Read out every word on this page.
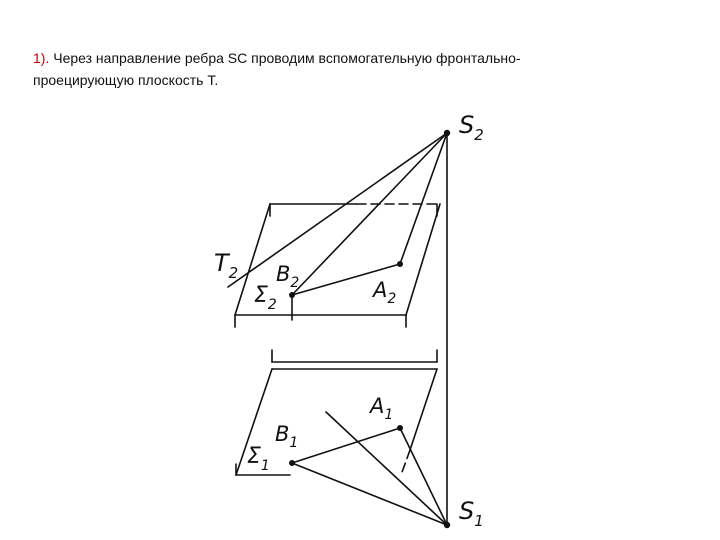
1). Через направление ребра SC проводим вспомогательную фронтально-
проецирующую плоскость Т.
$S_2$
$T_2$ $B_2$
$\Sigma_2$
$A_2$
$A_1$
$B_1$
$\Sigma_1$
$S_1$
